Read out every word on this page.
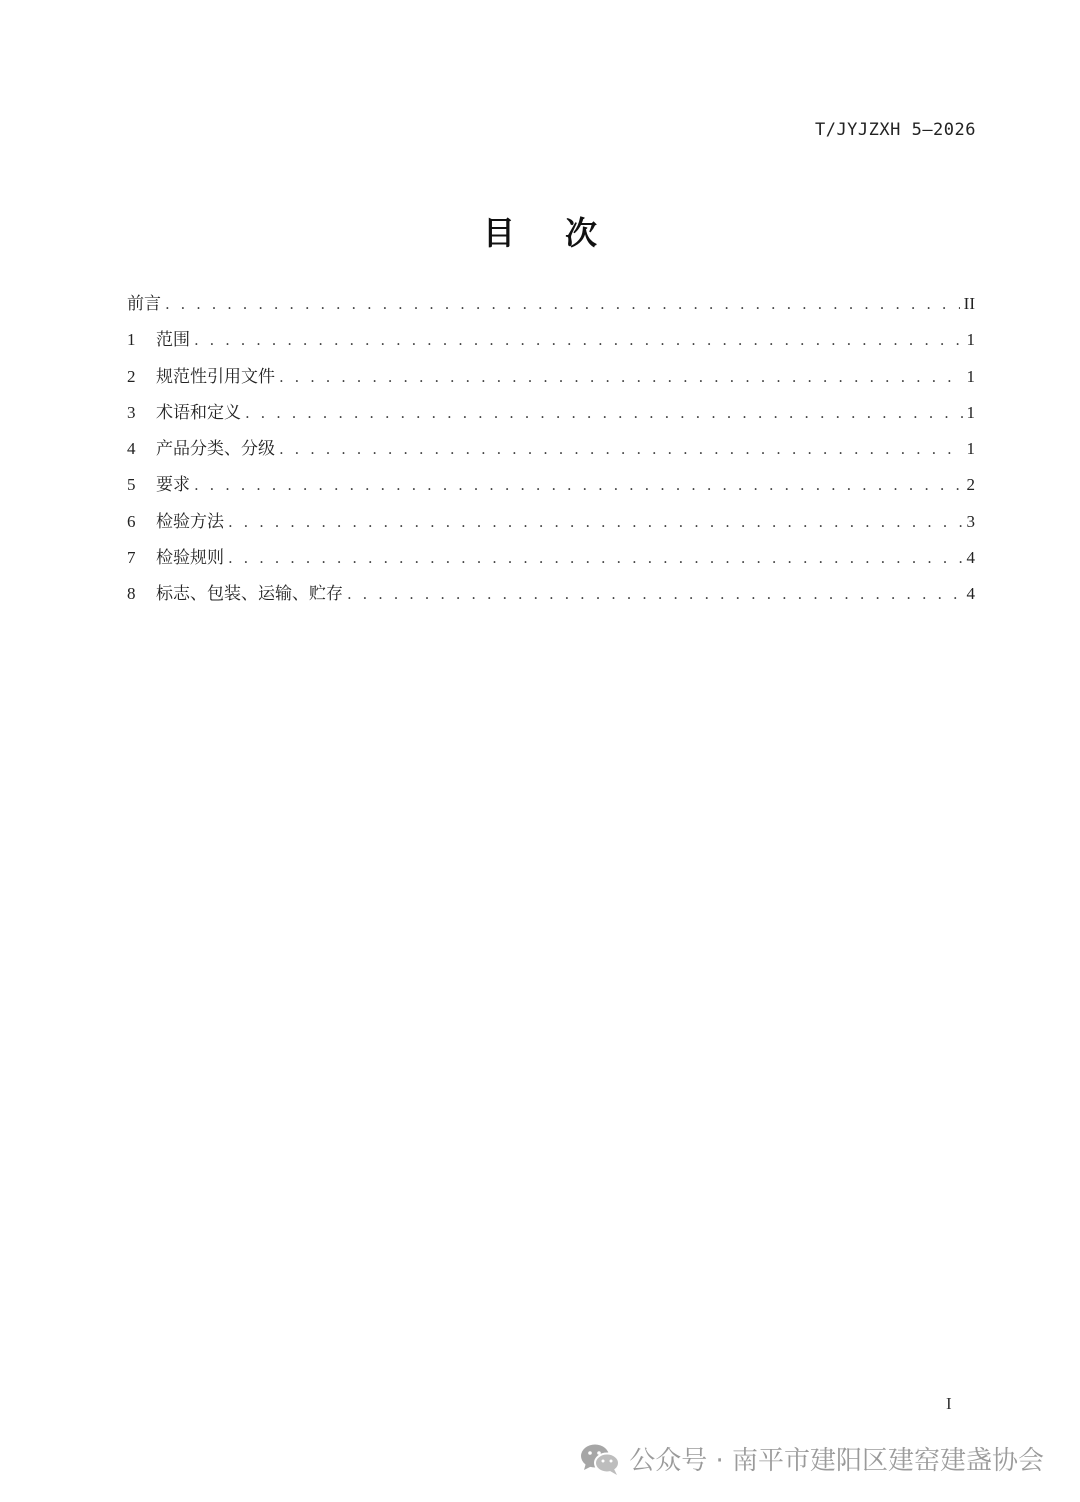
T/JYJZXH 5—2026
目次
前言 . . .	II
1	范围 . . .	1
2	规范性引用文件 . . .	1
3	术语和定义 . . .	1
4	产品分类、分级 . . .	1
5	要求 . . .	2
6	检验方法 . . .	3
7	检验规则 . . .	4
8	标志、包装、运输、贮存 . . .	4
I
公众号 · 南平市建阳区建窑建盏协会
